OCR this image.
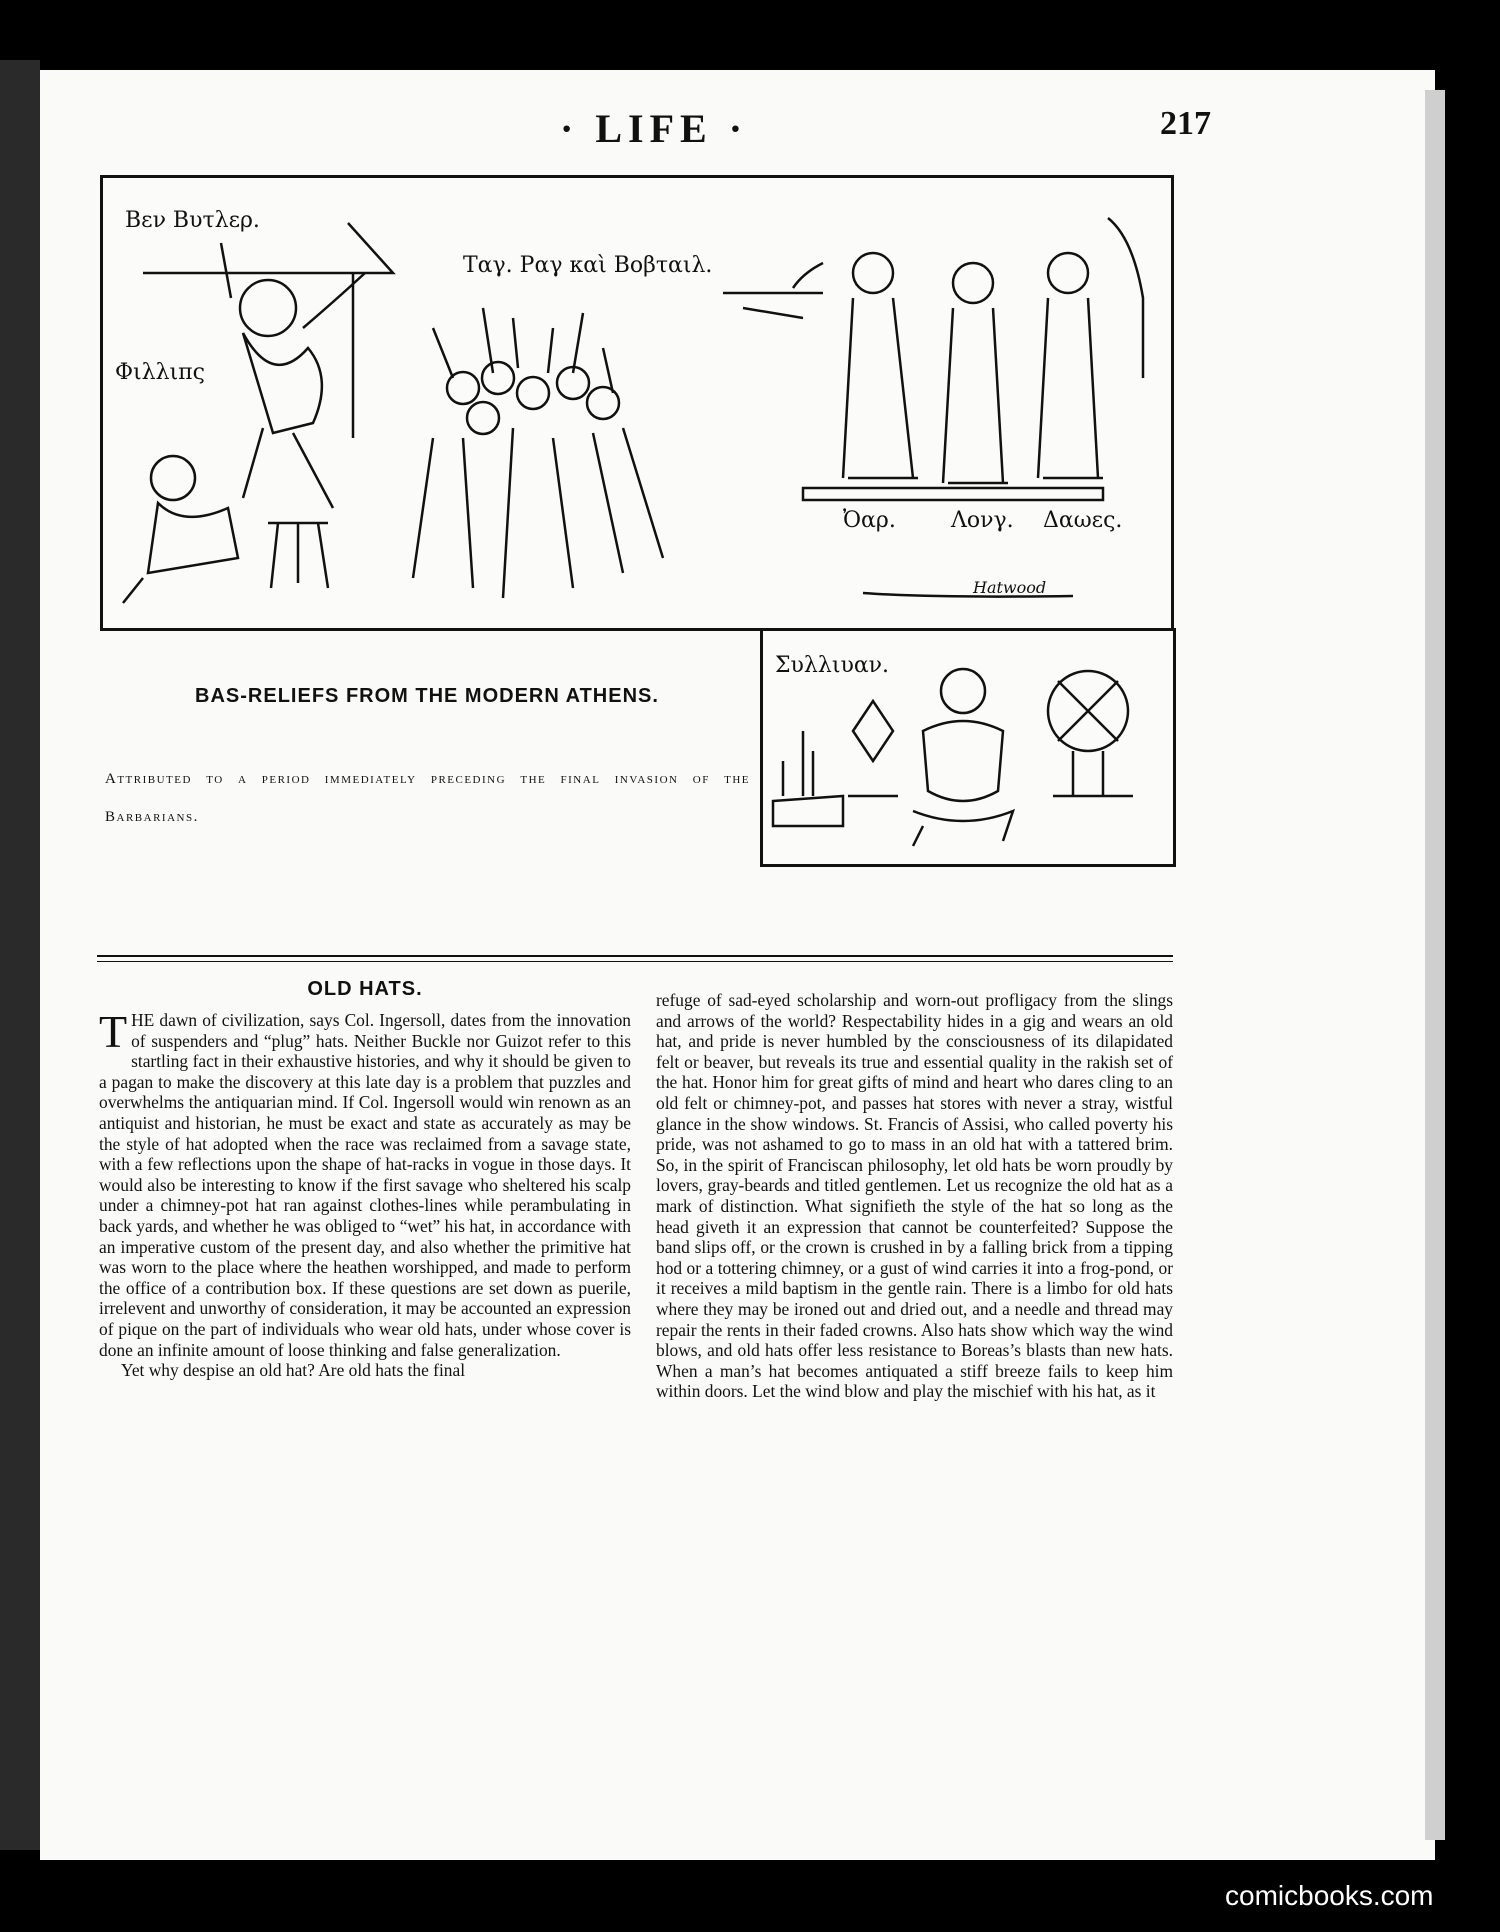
· LIFE ·	217
Βεν Βυτλερ.
Φιλλιπς
Ταγ. Ραγ καὶ Βοβταιλ.
Ὀαρ.	Λονγ. Δαωες.
Hatwood
Συλλιυαν.
BAS-RELIEFS FROM THE MODERN ATHENS.
Attributed to a period immediately preceding the final invasion of the Barbarians.
OLD HATS.

THE dawn of civilization, says Col. Ingersoll, dates from the innovation of suspenders and “plug” hats. Neither Buckle nor Guizot refer to this startling fact in their exhaustive histories, and why it should be given to a pagan to make the discovery at this late day is a problem that puzzles and overwhelms the antiquarian mind. If Col. Ingersoll would win renown as an antiquist and historian, he must be exact and state as accurately as may be the style of hat adopted when the race was reclaimed from a savage state, with a few reflections upon the shape of hat-racks in vogue in those days. It would also be interesting to know if the first savage who sheltered his scalp under a chimney-pot hat ran against clothes-lines while perambulating in back yards, and whether he was obliged to “wet” his hat, in accordance with an imperative custom of the present day, and also whether the primitive hat was worn to the place where the heathen worshipped, and made to perform the office of a contribution box. If these questions are set down as puerile, irrelevent and unworthy of consideration, it may be accounted an expression of pique on the part of individuals who wear old hats, under whose cover is done an infinite amount of loose thinking and false generalization.

Yet why despise an old hat? Are old hats the final

refuge of sad-eyed scholarship and worn-out profligacy from the slings and arrows of the world? Respectability hides in a gig and wears an old hat, and pride is never humbled by the consciousness of its dilapidated felt or beaver, but reveals its true and essential quality in the rakish set of the hat. Honor him for great gifts of mind and heart who dares cling to an old felt or chimney-pot, and passes hat stores with never a stray, wistful glance in the show windows. St. Francis of Assisi, who called poverty his pride, was not ashamed to go to mass in an old hat with a tattered brim. So, in the spirit of Franciscan philosophy, let old hats be worn proudly by lovers, gray-beards and titled gentlemen. Let us recognize the old hat as a mark of distinction. What signifieth the style of the hat so long as the head giveth it an expression that cannot be counterfeited? Suppose the band slips off, or the crown is crushed in by a falling brick from a tipping hod or a tottering chimney, or a gust of wind carries it into a frog-pond, or it receives a mild baptism in the gentle rain. There is a limbo for old hats where they may be ironed out and dried out, and a needle and thread may repair the rents in their faded crowns. Also hats show which way the wind blows, and old hats offer less resistance to Boreas’s blasts than new hats. When a man’s hat becomes antiquated a stiff breeze fails to keep him within doors. Let the wind blow and play the mischief with his hat, as it

comicbooks.com
